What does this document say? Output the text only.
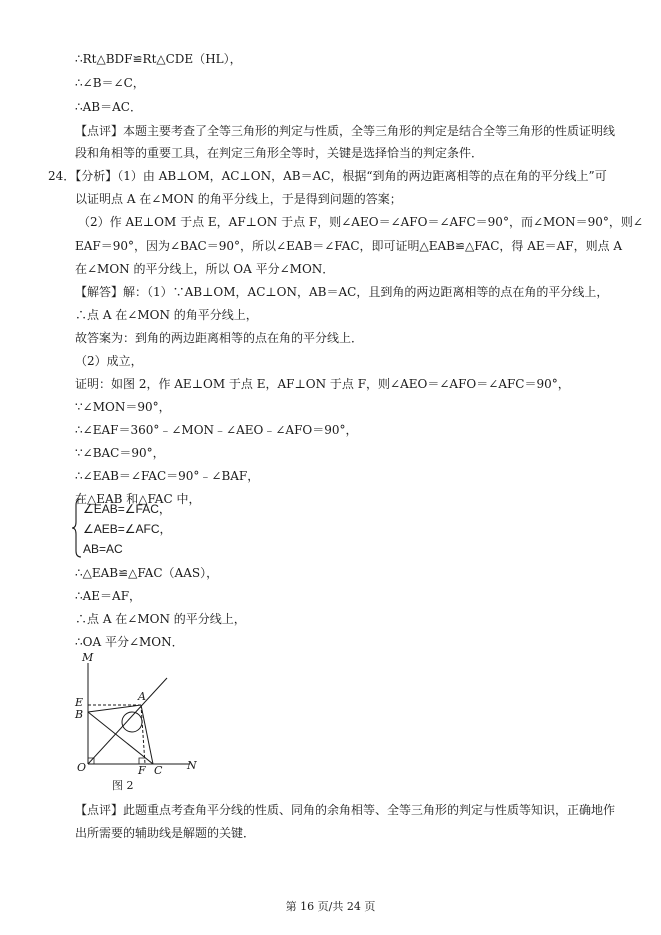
∴Rt△BDF≌Rt△CDE（HL），
∴∠B＝∠C，
∴AB＝AC．
【点评】本题主要考查了全等三角形的判定与性质，全等三角形的判定是结合全等三角形的性质证明线
段和角相等的重要工具，在判定三角形全等时，关键是选择恰当的判定条件．
24．【分析】（1）由 AB⊥OM，AC⊥ON，AB＝AC，根据“到角的两边距离相等的点在角的平分线上”可
以证明点 A 在∠MON 的角平分线上，于是得到问题的答案；
（2）作 AE⊥OM 于点 E，AF⊥ON 于点 F，则∠AEO＝∠AFO＝∠AFC＝90°，而∠MON＝90°，则∠
EAF＝90°，因为∠BAC＝90°，所以∠EAB＝∠FAC，即可证明△EAB≌△FAC，得 AE＝AF，则点 A
在∠MON 的平分线上，所以 OA 平分∠MON．
【解答】解：（1）∵AB⊥OM，AC⊥ON，AB＝AC，且到角的两边距离相等的点在角的平分线上，
∴点 A 在∠MON 的角平分线上，
故答案为：到角的两边距离相等的点在角的平分线上．
（2）成立，
证明：如图 2，作 AE⊥OM 于点 E，AF⊥ON 于点 F，则∠AEO＝∠AFO＝∠AFC＝90°，
∵∠MON＝90°，
∴∠EAF＝360°﹣∠MON﹣∠AEO﹣∠AFO＝90°，
∵∠BAC＝90°，
∴∠EAB＝∠FAC＝90°﹣∠BAF，
在△EAB 和△FAC 中，
∠EAB=∠FAC，
∠AEB=∠AFC，
AB=AC
∴△EAB≌△FAC（AAS），
∴AE＝AF，
∴点 A 在∠MON 的平分线上，
∴OA 平分∠MON．
M
E
B
A
O	F C N
图 2
【点评】此题重点考查角平分线的性质、同角的余角相等、全等三角形的判定与性质等知识，正确地作
出所需要的辅助线是解题的关键．
第 16 页/共 24 页
